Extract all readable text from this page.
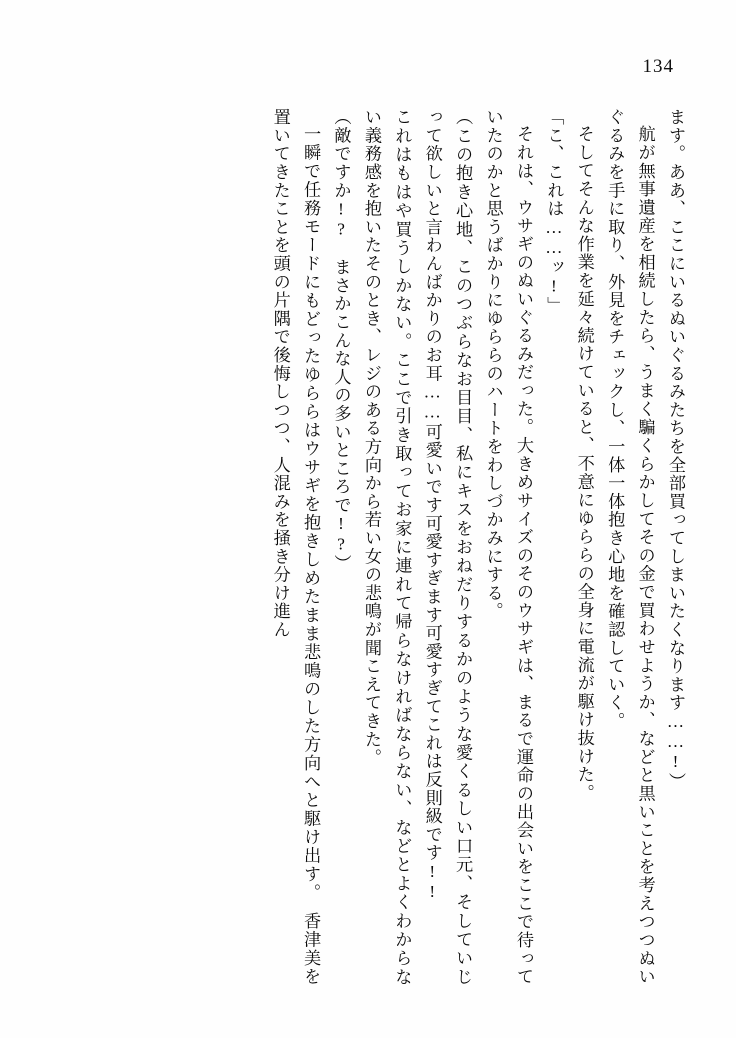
134

ます。ああ、ここにいるぬいぐるみたちを全部買ってしまいたくなります……!）

航が無事遺産を相続したら、うまく騙くらかしてその金で買わせようか、などと黒いことを考えつつぬいぐるみを手に取り、外見をチェックし、一体一体抱き心地を確認していく。

そしてそんな作業を延々続けていると、不意にゆららの全身に電流が駆け抜けた。

「こ、これは……ッ!」

それは、ウサギのぬいぐるみだった。大きめサイズのそのウサギは、まるで運命の出会いをここで待っていたのかと思うばかりにゆららのハートをわしづかみにする。

（この抱き心地、このつぶらなお目目、私にキスをおねだりするかのような愛くるしい口元、そしていじって欲しいと言わんばかりのお耳……可愛いです可愛すぎます可愛すぎてこれは反則級です!!

これはもはや買うしかない。ここで引き取ってお家に連れて帰らなければならない、などとよくわからない義務感を抱いたそのとき、レジのある方向から若い女の悲鳴が聞こえてきた。

（敵ですか!?　まさかこんな人の多いところで!?）

一瞬で任務モードにもどったゆららはウサギを抱きしめたまま悲鳴のした方向へと駆け出す。　香津美を置いてきたことを頭の片隅で後悔しつつ、人混みを掻き分け進ん
